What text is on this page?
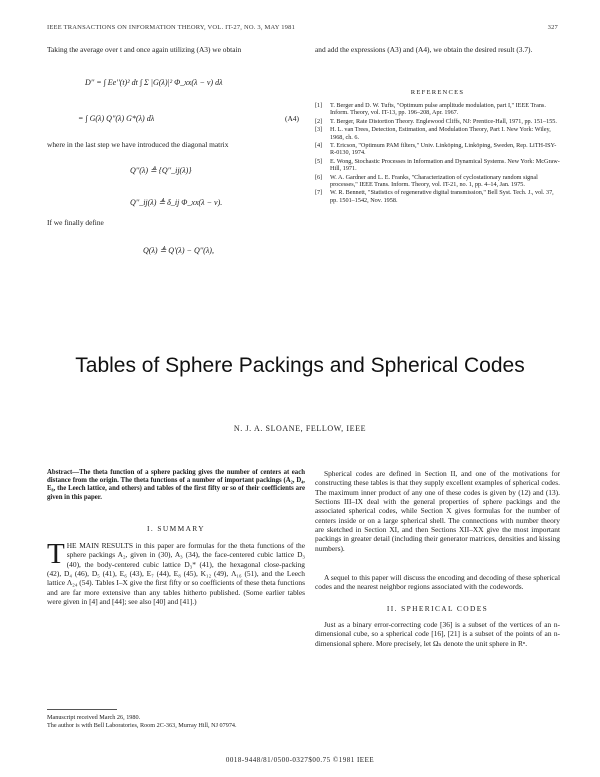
IEEE TRANSACTIONS ON INFORMATION THEORY, VOL. IT-27, NO. 3, MAY 1981	327
Taking the average over t and once again utilizing (A3) we obtain
D'' = ∫ Ee''(t)² dt ∫ Σ |G(λ)|² Φ_xx(λ − ν) dλ
= ∫ G(λ) Q''(λ) G*(λ) dλ	(A4)
where in the last step we have introduced the diagonal matrix
Q''(λ) ≜ {Q''_ij(λ)}
Q''_ij(λ) ≜ δ_ij Φ_xx(λ − ν).
If we finally define
Q(λ) ≜ Q'(λ) − Q''(λ),
and add the expressions (A3) and (A4), we obtain the desired result (3.7).
REFERENCES
[1]	T. Berger and D. W. Tufts, "Optimum pulse amplitude modulation, part I," IEEE Trans. Inform. Theory, vol. IT-13, pp. 196–208, Apr. 1967.
[2]	T. Berger, Rate Distortion Theory. Englewood Cliffs, NJ: Prentice-Hall, 1971, pp. 151–155.
[3]	H. L. van Trees, Detection, Estimation, and Modulation Theory, Part I. New York: Wiley, 1968, ch. 6.
[4]	T. Ericson, "Optimum PAM filters," Univ. Linköping, Linköping, Sweden, Rep. LiTH-ISY-R-0130, 1974.
[5]	E. Wong, Stochastic Processes in Information and Dynamical Systems. New York: McGraw-Hill, 1971.
[6]	W. A. Gardner and L. E. Franks, "Characterization of cyclostationary random signal processes," IEEE Trans. Inform. Theory, vol. IT-21, no. 1, pp. 4–14, Jan. 1975.
[7]	W. R. Bennett, "Statistics of regenerative digital transmission," Bell Syst. Tech. J., vol. 37, pp. 1501–1542, Nov. 1958.
Tables of Sphere Packings and Spherical Codes
N. J. A. SLOANE, FELLOW, IEEE
Abstract—The theta function of a sphere packing gives the number of centers at each distance from the origin. The theta functions of a number of important packings (A₂, D₄, E₈, the Leech lattice, and others) and tables of the first fifty or so of their coefficients are given in this paper.
I. SUMMARY
THE MAIN RESULTS in this paper are formulas for the theta functions of the sphere packings A₂, given in (30), A₃ (34), the face-centered cubic lattice D₃ (40), the body-centered cubic lattice D₃* (41), the hexagonal close-packing (42), D₄ (46), D₅ (41), E₆ (43), E₇ (44), E₈ (45), K₁₂ (49), Λ₁₆ (51), and the Leech lattice Λ₂₄ (54). Tables I–X give the first fifty or so coefficients of these theta functions and are far more extensive than any tables hitherto published. (Some earlier tables were given in [4] and [44]; see also [40] and [41].)

Manuscript received March 26, 1980.

The author is with Bell Laboratories, Room 2C-363, Murray Hill, NJ 07974.

Spherical codes are defined in Section II, and one of the motivations for constructing these tables is that they supply excellent examples of spherical codes. The maximum inner product of any one of these codes is given by (12) and (13). Sections III–IX deal with the general properties of sphere packings and the associated spherical codes, while Section X gives formulas for the number of centers inside or on a large spherical shell. The connections with number theory are sketched in Section XI, and then Sections XII–XX give the most important packings in greater detail (including their generator matrices, densities and kissing numbers).
A sequel to this paper will discuss the encoding and decoding of these spherical codes and the nearest neighbor regions associated with the codewords.
II. SPHERICAL CODES
Just as a binary error-correcting code [36] is a subset of the vertices of an n-dimensional cube, so a spherical code [16], [21] is a subset of the points of an n-dimensional sphere. More precisely, let Ωₙ denote the unit sphere in Rⁿ.
0018-9448/81/0500-0327$00.75 ©1981 IEEE
